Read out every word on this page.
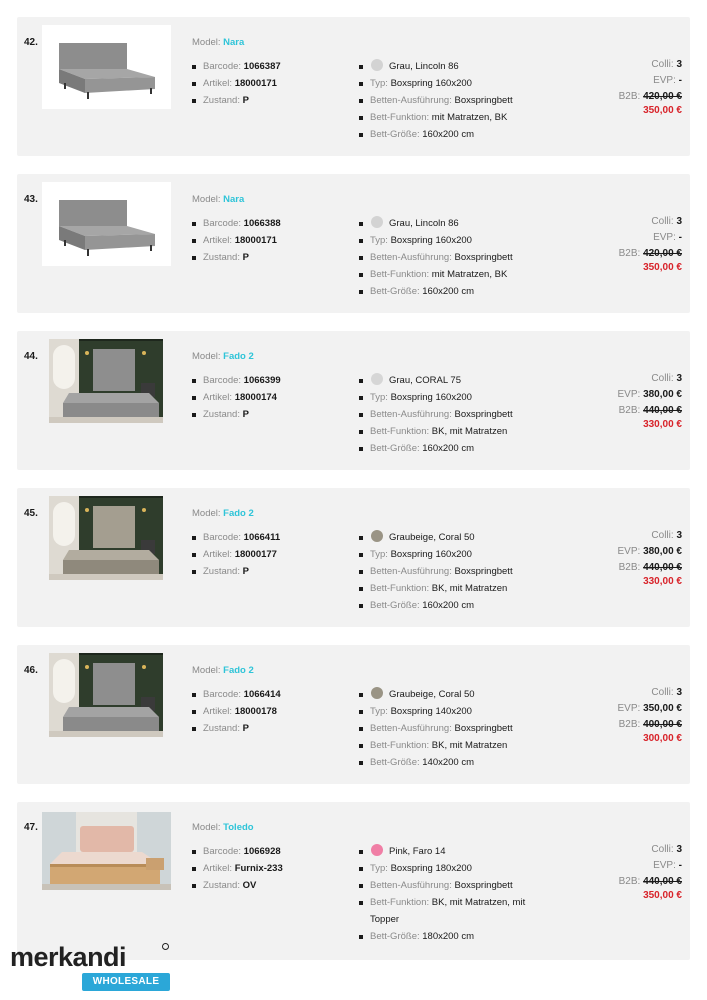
42.	Model: Nara
Barcode: 1066387
Artikel: 18000171
Zustand: P
Grau, Lincoln 86
Typ: Boxspring 160x200
Betten-Ausführung: Boxspringbett
Bett-Funktion: mit Matratzen, BK
Bett-Größe: 160x200 cm
Colli: 3
EVP: -
B2B: 420,00 €
350,00 €
43.	Model: Nara
Barcode: 1066388
Artikel: 18000171
Zustand: P
Grau, Lincoln 86
Typ: Boxspring 160x200
Betten-Ausführung: Boxspringbett
Bett-Funktion: mit Matratzen, BK
Bett-Größe: 160x200 cm
Colli: 3
EVP: -
B2B: 420,00 €
350,00 €
44.	Model: Fado 2
Barcode: 1066399
Artikel: 18000174
Zustand: P
Grau, CORAL 75
Typ: Boxspring 160x200
Betten-Ausführung: Boxspringbett
Bett-Funktion: BK, mit Matratzen
Bett-Größe: 160x200 cm
Colli: 3
EVP: 380,00 €
B2B: 440,00 €
330,00 €
45.	Model: Fado 2
Barcode: 1066411
Artikel: 18000177
Zustand: P
Graubeige, Coral 50
Typ: Boxspring 160x200
Betten-Ausführung: Boxspringbett
Bett-Funktion: BK, mit Matratzen
Bett-Größe: 160x200 cm
Colli: 3
EVP: 380,00 €
B2B: 440,00 €
330,00 €
46.	Model: Fado 2
Barcode: 1066414
Artikel: 18000178
Zustand: P
Graubeige, Coral 50
Typ: Boxspring 140x200
Betten-Ausführung: Boxspringbett
Bett-Funktion: BK, mit Matratzen
Bett-Größe: 140x200 cm
Colli: 3
EVP: 350,00 €
B2B: 400,00 €
300,00 €
47.	Model: Toledo
Barcode: 1066928
Artikel: Furnix-233
Zustand: OV
Pink, Faro 14
Typ: Boxspring 180x200
Betten-Ausführung: Boxspringbett
Bett-Funktion: BK, mit Matratzen, mit Topper
Bett-Größe: 180x200 cm
Colli: 3
EVP: -
B2B: 440,00 €
350,00 €
merkandi
WHOLESALE
